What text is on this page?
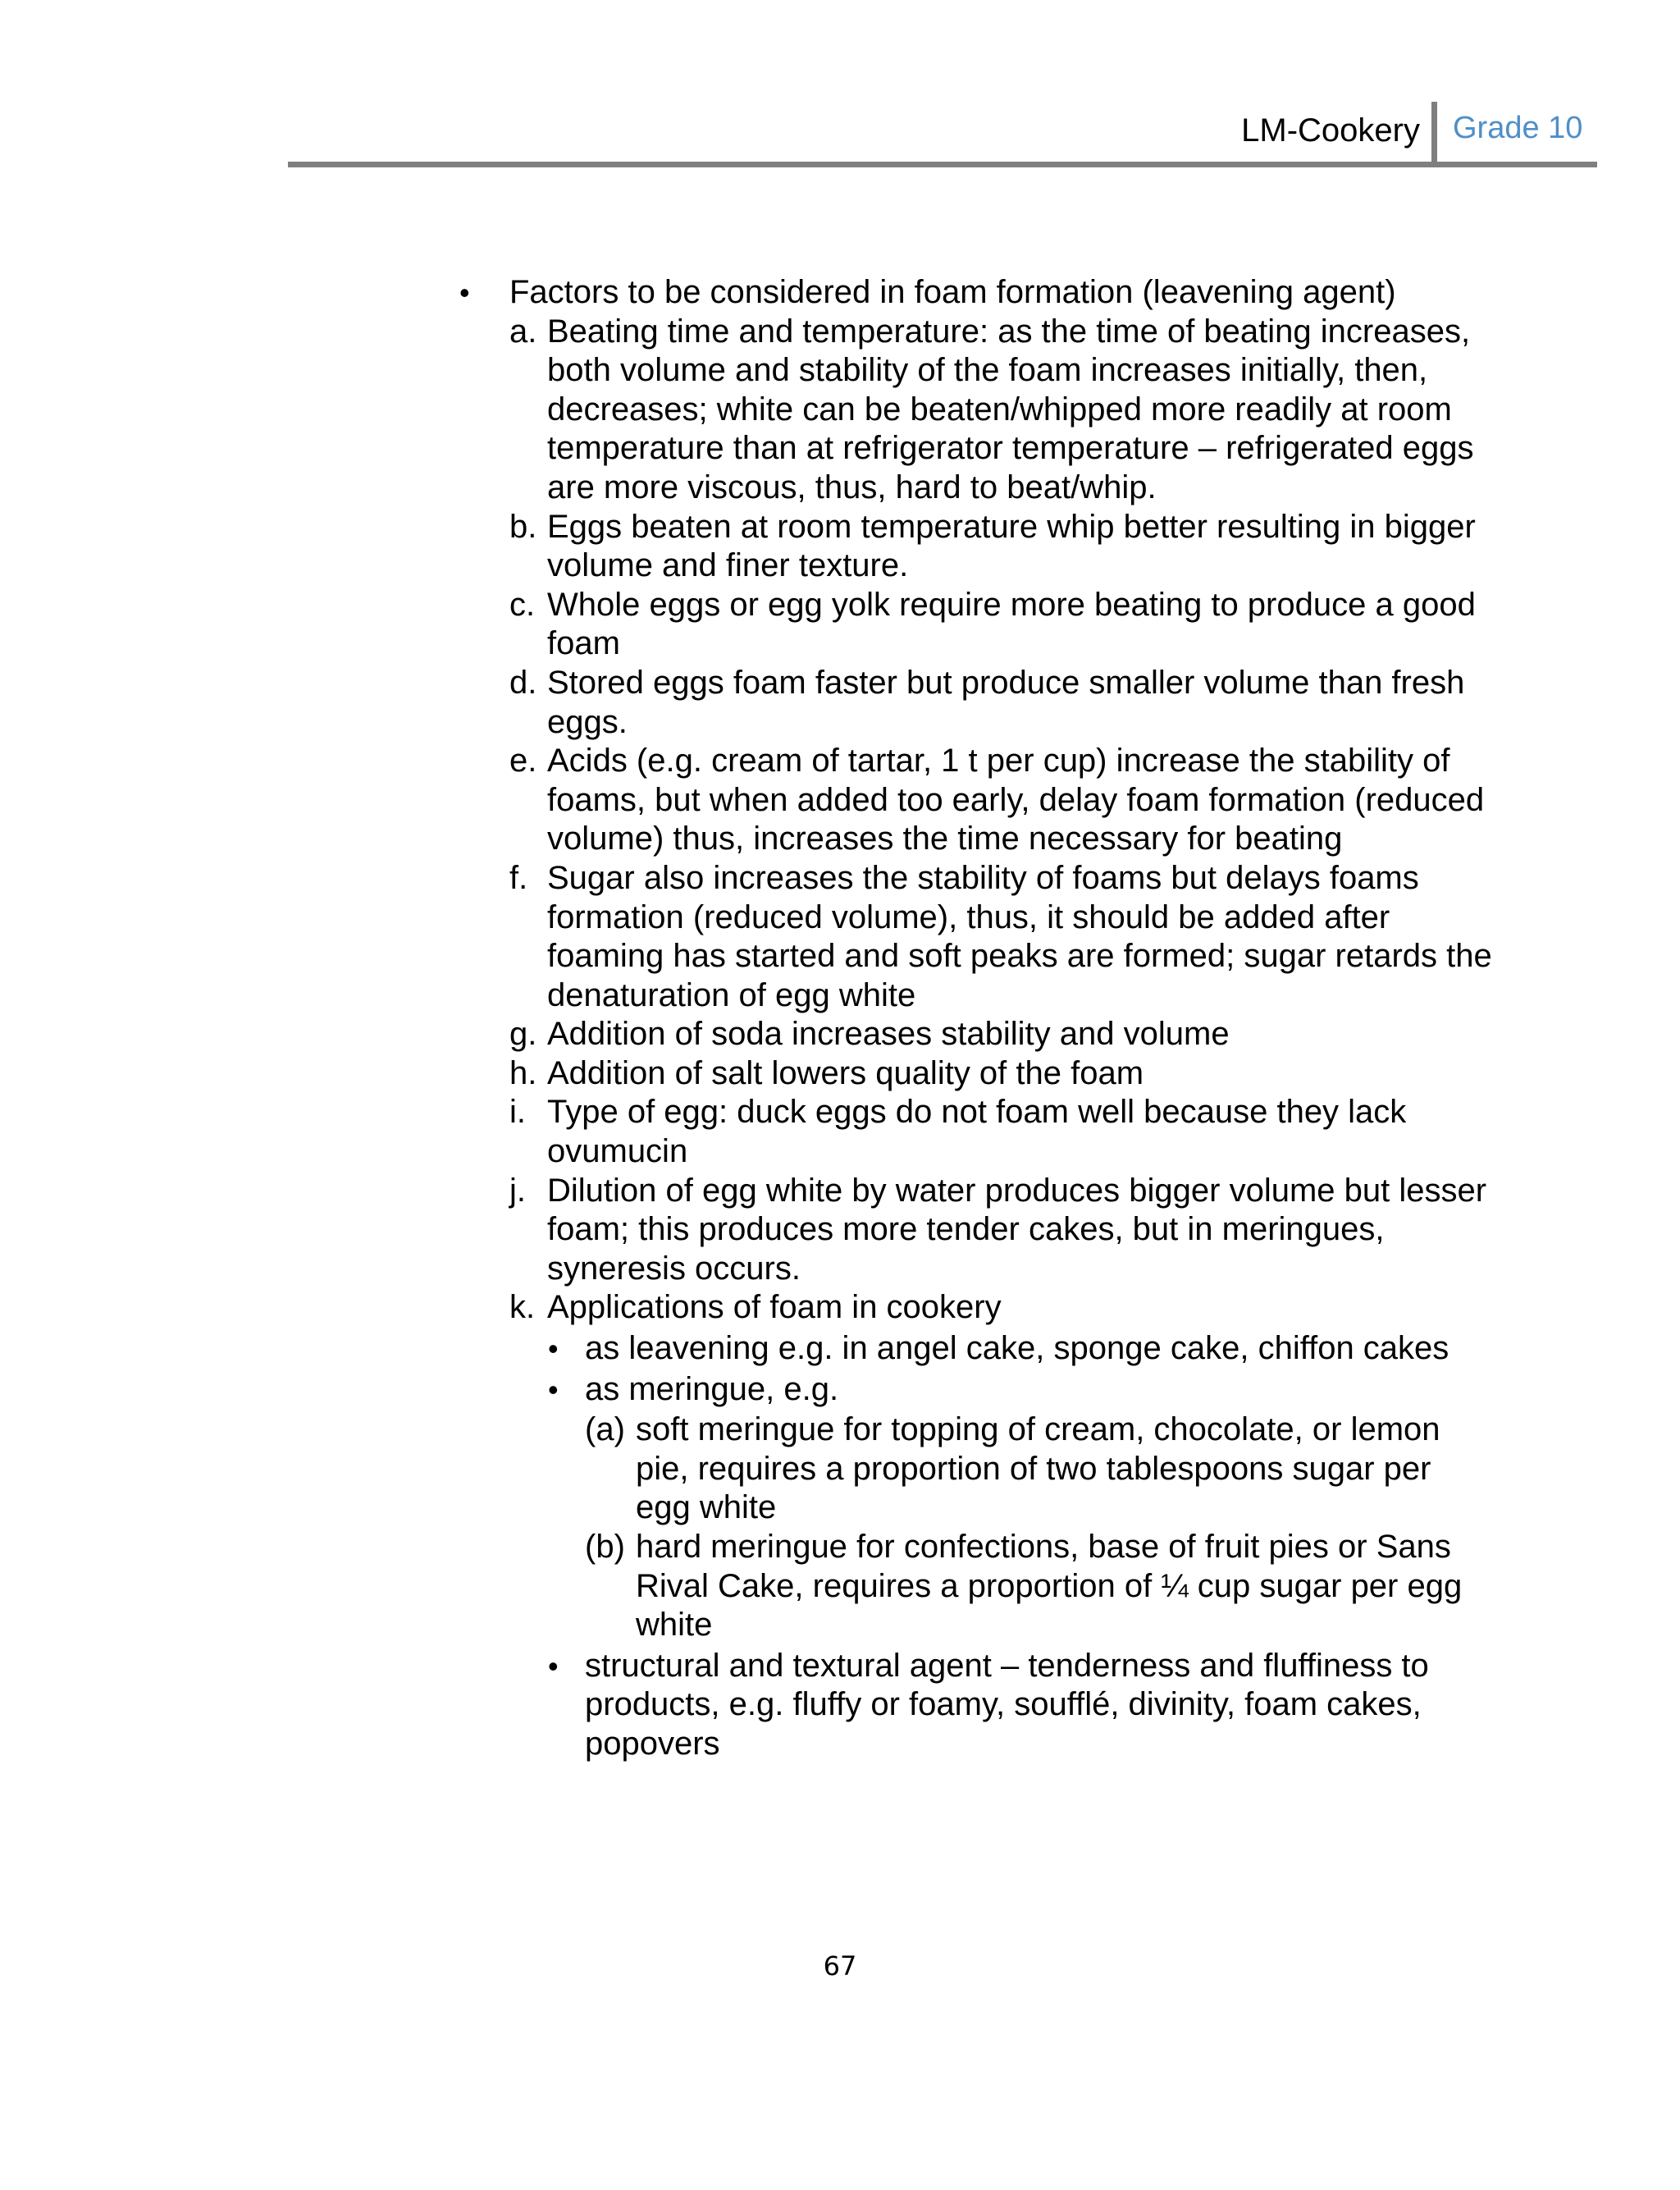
LM-Cookery Grade 10
• Factors to be considered in foam formation (leavening agent)
a. Beating time and temperature: as the time of beating increases, both volume and stability of the foam increases initially, then, decreases; white can be beaten/whipped more readily at room temperature than at refrigerator temperature – refrigerated eggs are more viscous, thus, hard to beat/whip.
b. Eggs beaten at room temperature whip better resulting in bigger volume and finer texture.
c. Whole eggs or egg yolk require more beating to produce a good foam
d. Stored eggs foam faster but produce smaller volume than fresh eggs.
e. Acids (e.g. cream of tartar, 1 t per cup) increase the stability of foams, but when added too early, delay foam formation (reduced volume) thus, increases the time necessary for beating
f. Sugar also increases the stability of foams but delays foams formation (reduced volume), thus, it should be added after foaming has started and soft peaks are formed; sugar retards the denaturation of egg white
g. Addition of soda increases stability and volume
h. Addition of salt lowers quality of the foam
i. Type of egg: duck eggs do not foam well because they lack ovumucin
j. Dilution of egg white by water produces bigger volume but lesser foam; this produces more tender cakes, but in meringues, syneresis occurs.
k. Applications of foam in cookery
• as leavening e.g. in angel cake, sponge cake, chiffon cakes
• as meringue, e.g.
(a) soft meringue for topping of cream, chocolate, or lemon pie, requires a proportion of two tablespoons sugar per egg white
(b) hard meringue for confections, base of fruit pies or Sans Rival Cake, requires a proportion of ¼ cup sugar per egg white
• structural and textural agent – tenderness and fluffiness to products, e.g. fluffy or foamy, soufflé, divinity, foam cakes, popovers
67
